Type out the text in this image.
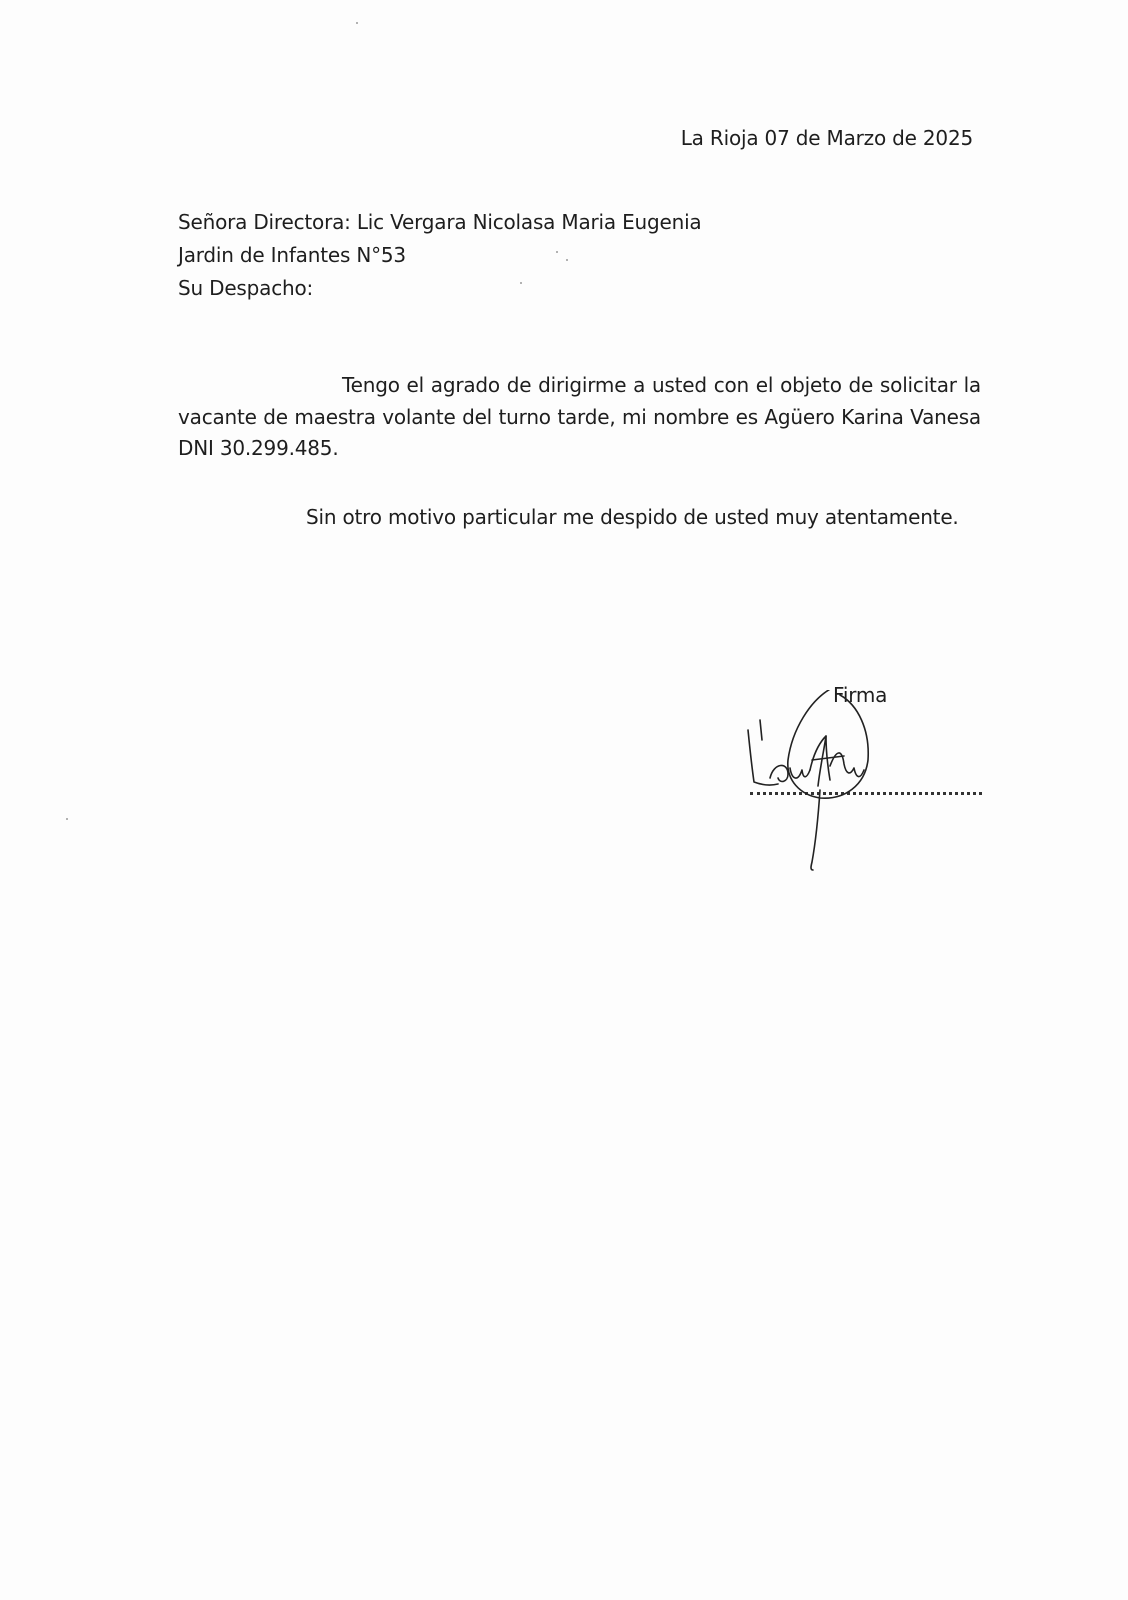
La Rioja 07 de Marzo de 2025
Señora Directora: Lic Vergara Nicolasa Maria Eugenia
Jardin de Infantes N°53
Su Despacho:
Tengo el agrado de dirigirme a usted con el objeto de solicitar la vacante de maestra volante del turno tarde, mi nombre es Agüero Karina Vanesa DNI 30.299.485.
Sin otro motivo particular me despido de usted muy atentamente.
Firma
